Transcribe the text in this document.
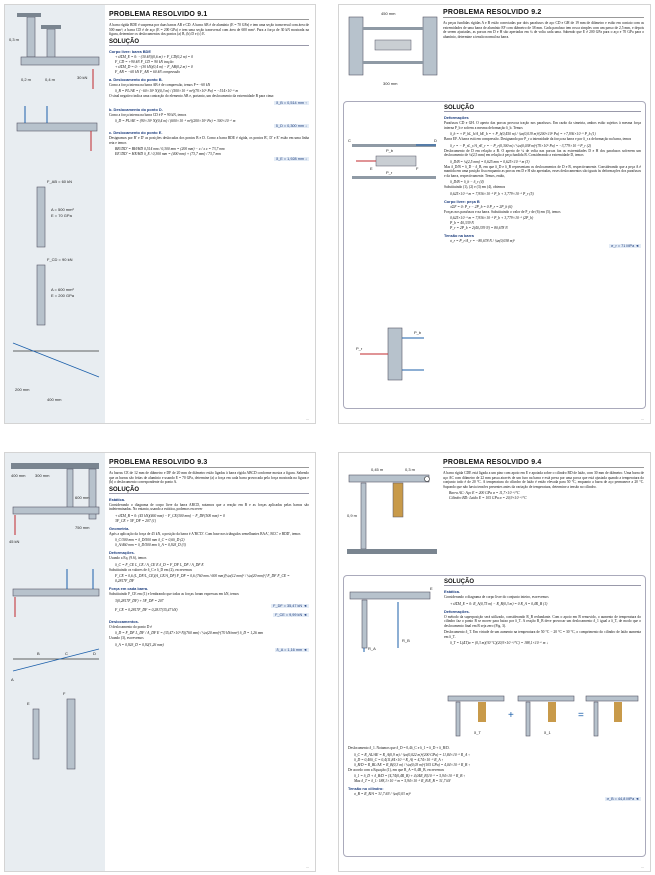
30 kN
0,3 m
0,4 m
0,2 m
A = 500 mm²
E = 70 GPa
F_AB = 60 kN
A = 600 mm²
E = 200 GPa
F_CD = 90 kN
400 mm
200 mm
PROBLEMA RESOLVIDO 9.1

A barra rígida BDE é suspensa por duas barras AB e CD. A barra AB é de alumínio (E = 70 GPa) e tem uma seção transversal com área de 500 mm²; a barra CD é de aço (E = 200 GPa) e tem uma seção transversal com área de 600 mm². Para a força de 30 kN mostrada na figura, determine os deslocamentos dos pontos (a) B, (b) D e (c) E.

SOLUÇÃO
Corpo livre: barra BDE
+↺ΣM_E = 0: −(30 kN)(0,6 m) + F_CD(0,2 m) = 0
F_CD = +90 kN F_CD = 90 kN tração
+↺ΣM_D = 0: −(30 kN)(0,4 m) − F_AB(0,2 m) = 0
F_AB = −60 kN F_AB = 60 kN compressão
a. Deslocamento do ponto B.

Como a força interna na barra AB é de compressão, temos P = −60 kN

δ_B = PL/AE = (−60×10³ N)(0,3 m) / (500×10⁻⁶ m²)(70×10⁹ Pa) = −514×10⁻⁶ m

O sinal negativo indica uma contração do elemento AB e, portanto, um deslocamento da extremidade B para cima:

δ_B = 0,514 mm ↑
b. Deslocamento do ponto D.

Como a força interna na barra CD é P = 90 kN, temos

δ_D = PL/AE = (90×10³ N)(0,4 m) / (600×10⁻⁶ m²)(200×10⁹ Pa) = 300×10⁻⁶ m
δ_D = 0,300 mm ↓
c. Deslocamento do ponto E.

Designamos por B′ e D′ as posições deslocadas dos pontos B e D. Como a barra BDE é rígida, os pontos B′, D′ e E′ estão em uma linha reta e temos

BB′/DD′ = BH/HD 0,514 mm / 0,300 mm = (200 mm) − x / x x = 73,7 mm
EE′/DD′ = HE/HD δ_E / 0,300 mm = (400 mm) + (73,7 mm) / 73,7 mm
δ_E = 1,928 mm ↓
—
PROBLEMA RESOLVIDO 9.2

As peças fundidas rígidas A e B estão conectadas por dois parafusos de aço CD e GH de 19 mm de diâmetro e estão em contato com as extremidades de uma barra de alumínio EF com diâmetro de 38 mm. Cada parafuso tem rosca simples com um passo de 2,5 mm, e depois de serem ajustadas, as porcas em D e H são apertadas em ¼ de volta cada uma. Sabendo que E é 200 GPa para o aço e 70 GPa para o alumínio, determine a tensão normal na barra.

450 mm
300 mm
C	D
E	F
P_b
P_r
P_b
P_r
SOLUÇÃO
Deformações

Parafusos CD e GH. O aperto das porcas provoca tração nos parafusos. Em razão da simetria, ambos estão sujeitos à mesma força interna P_b e sofrem a mesma deformação δ_b. Temos

δ_b = + P_bL_b/A_bE_b = + P_b(0,450 m) / ¼π(0,019 m)²(200×10⁹ Pa) = +7,936×10⁻⁹ P_b (1)

Barra EF. A barra está em compressão. Designando por P_r a intensidade da força na barra e por δ_r a deformação na barra, temos

δ_r = − P_rL_r/A_rE_r = − P_r(0,300 m) / ¼π(0,038 m)²(70×10⁹ Pa) = −3,779×10⁻⁹ P_r (2)

Deslocamento de D em relação a B. O aperto de ¼ de volta nas porcas faz as extremidades D e H dos parafusos sofrerem um deslocamento de ¼(2,5 mm) em relação à peça fundida B. Considerando a extremidade D, temos

δ_D/B = ¼(2,5 mm) = 0,625 mm = 0,625×10⁻³ m (3)

Mas δ_D/B = δ_D − δ_B, em que δ_D e δ_B representam os deslocamentos de D e B, respectivamente. Considerando que a peça A é mantida em uma posição fixa enquanto as porcas em D e H são apertadas, esses deslocamentos são iguais às deformações dos parafusos e da barra, respectivamente. Temos, então,

δ_D/B = δ_b − δ_r (4)

Substituindo (1), (2) e (3) em (4), obtemos

0,625×10⁻³ m = 7,936×10⁻⁹ P_b + 3,779×10⁻⁹ P_r (5)
Corpo livre: peça B
±ΣF = 0: P_r − 2P_b = 0 P_r = 2P_b (6)

Forças nos parafusos e na barra. Substituindo o valor de P_r de (6) em (5), temos

0,625×10⁻³ m = 7,936×10⁻⁹ P_b + 3,779×10⁻⁹ (2P_b)
P_b = 40,339 N
P_r = 2P_b = 2(40,339 N) = 80,678 N
Tensão na barra
σ_r = P_r/A_r = −80,678 N / ¼π(0,038 m)²
σ_r = 71 MPa ◄
—
45 kN
400 mm 300 mm
600 mm
750 mm
A
B	C	D
E
F
PROBLEMA RESOLVIDO 9.3

As barras CE de 12 mm de diâmetro e DF de 20 mm de diâmetro estão ligadas à barra rígida ABCD conforme mostra a figura. Sabendo que as barras são feitas de alumínio e usando E = 70 GPa, determine (a) a força em cada barra provocada pela força mostrada na figura e (b) o deslocamento correspondente do ponto A.

SOLUÇÃO
Estática.

Considerando o diagrama de corpo livre da barra ABCD, notamos que a reação em B e as forças aplicadas pelas barras são indeterminadas. No entanto, usando a estática, podemos escrever

+↺ΣM_B = 0: (45 kN)(460 mm) − F_CE(300 mm) − F_DF(500 mm) = 0
3F_CE + 5F_DF = 207 (1)
Geometria.

Após a aplicação da força de 45 kN, a posição da barra é A′BC′D′. Com base nos triângulos semelhantes BAA′, BCC′ e BDD′, temos

δ_C/300 mm = δ_D/500 mm δ_C = 0,6δ_D (2)
δ_A/460 mm = δ_D/500 mm δ_A = 0,92δ_D (3)
Deformações.

Usando a Eq. (9.6), temos

δ_C = F_CE L_CE / A_CE E δ_D = F_DF L_DF / A_DF E

Substituindo os valores de δ_C e δ_D em (2), escrevemos

F_CE = 0,6 (L_DF/L_CE)(A_CE/A_DF) F_DF = 0,6 (760 mm / 600 mm)[¼π(12 mm)² / ¼π(20 mm)²] F_DF F_CE = 0,2817F_DF
Força em cada barra.

Substituindo F_CE em (1) e lembrando que todas as forças foram expressas em kN, temos

3(0,2817F_DF) + 5F_DF = 207
F_DF = 35,47 kN ◄
F_CE = 0,2817F_DF = 0,2817(35,47 kN)
F_CE = 9,99 kN ◄
Deslocamentos.

O deslocamento do ponto D é

δ_D = F_DF L_DF / A_DF E = (35,47×10³ N)(760 mm) / ¼π(20 mm)²(70 kN/mm²) δ_D = 1,26 mm

Usando (3), escrevemos

δ_A = 0,92δ_D = 0,92(1,26 mm)
δ_A = 1,16 mm ◄
—
0,45 m	0,3 m
0,9 m
PROBLEMA RESOLVIDO 9.4

A barra rígida CDE está ligada a um pino com apoio em E e apoiada sobre o cilindro BD de latão, com 30 mm de diâmetro. Uma barra de aço AC com diâmetro de 22 mm passa através de um furo na barra e está presa por uma porca que está ajustada quando a temperatura do conjunto todo é de 20 °C. A temperatura do cilindro de latão é então elevada para 50 °C, enquanto a barra de aço permanece a 20 °C. Supondo que não havia tensões presentes antes da variação de temperatura, determine a tensão no cilindro.

Barra AC: Aço E = 200 GPa α = 11,7×10⁻⁶/°C
Cilindro BD: Latão E = 105 GPa α = 20,9×10⁻⁶/°C
R_A
R_B
E
+	=
δ_T	δ_1
SOLUÇÃO
Estática.

Considerando o diagrama de corpo livre do conjunto inteiro, escrevemos

+↺ΣM_E = 0: R_A(0,75 m) − R_B(0,3 m) = 0 R_A = 0,4R_B (1)
Deformações.

O método da superposição será utilizado, considerando R_B redundante. Com o apoio em B removido, o aumento de temperatura do cilindro faz o ponto B se mover para baixo por δ_T. A reação R_B deve provocar um deslocamento δ_1 igual a δ_T, de modo que o deslocamento final em B seja zero (Fig. 3).

Deslocamento δ_T. Em virtude de um aumento na temperatura de 50 °C − 20 °C = 30 °C, o comprimento do cilindro de latão aumenta em δ_T.

δ_T = L(ΔT)α = (0,3 m)(30 °C)(20,9×10⁻⁶/°C) = 188,1×10⁻⁶ m ↓

Deslocamento δ_1. Notamos que δ_D = 0,4δ_C e δ_1 = δ_D + δ_B/D.

δ_C = R_AL/AE = R_A(0,9 m) / ¼π(0,022 m)²(200 GPa) = 11,84×10⁻⁹ R_A ↑
δ_D = 0,40δ_C = 0,4(11,84×10⁻⁹ R_A) = 4,74×10⁻⁹ R_A ↑
δ_B/D = R_BL/AE = R_B(0,3 m) / ¼π(0,03 m)²(105 GPa) = 4,04×10⁻⁹ R_B ↑

De acordo com a Equação (1), em que R_A = 0,4R_B, escrevemos

δ_1 = δ_D + δ_B/D = [4,74(0,4R_B) + 4,04R_B]10⁻⁹ = 5,94×10⁻⁹ R_B ↑
Mas δ_T = δ_1: 188,1×10⁻⁶ m = 5,94×10⁻⁹ R_B R_B = 31,7 kN
Tensão no cilindro:
σ_B = R_B/A = 31,7 kN / ¼π(0,03 m)²
σ_B = 44,8 MPa ◄
—
